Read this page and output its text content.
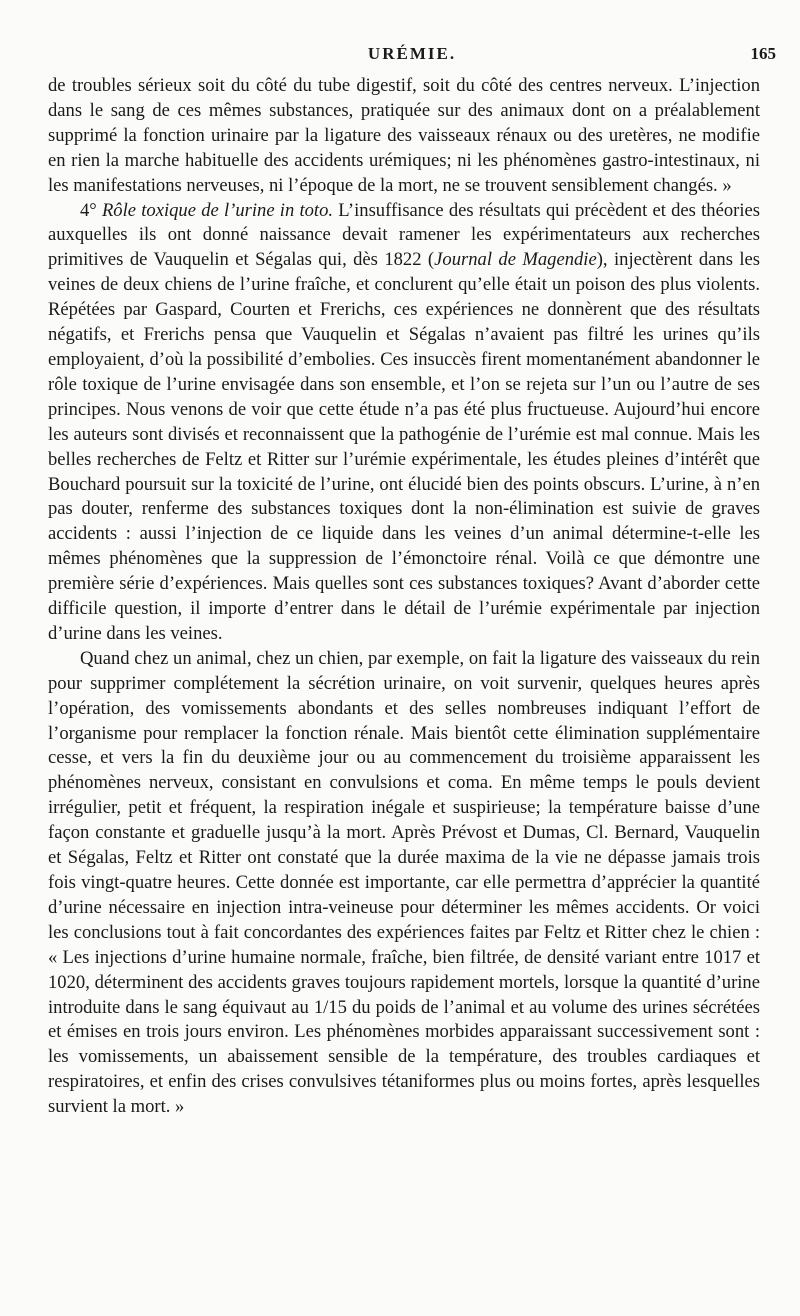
URÉMIE.	165

de troubles sérieux soit du côté du tube digestif, soit du côté des centres nerveux. L’injection dans le sang de ces mêmes substances, pratiquée sur des animaux dont on a préalablement supprimé la fonction urinaire par la ligature des vaisseaux rénaux ou des uretères, ne modifie en rien la marche habituelle des accidents urémiques; ni les phénomènes gastro-intestinaux, ni les manifestations nerveuses, ni l’époque de la mort, ne se trouvent sensiblement changés. »

4° Rôle toxique de l’urine in toto. L’insuffisance des résultats qui précèdent et des théories auxquelles ils ont donné naissance devait ramener les expérimentateurs aux recherches primitives de Vauquelin et Ségalas qui, dès 1822 (Journal de Magendie), injectèrent dans les veines de deux chiens de l’urine fraîche, et conclurent qu’elle était un poison des plus violents. Répétées par Gaspard, Courten et Frerichs, ces expériences ne donnèrent que des résultats négatifs, et Frerichs pensa que Vauquelin et Ségalas n’avaient pas filtré les urines qu’ils employaient, d’où la possibilité d’embolies. Ces insuccès firent momentanément abandonner le rôle toxique de l’urine envisagée dans son ensemble, et l’on se rejeta sur l’un ou l’autre de ses principes. Nous venons de voir que cette étude n’a pas été plus fructueuse. Aujourd’hui encore les auteurs sont divisés et reconnaissent que la pathogénie de l’urémie est mal connue. Mais les belles recherches de Feltz et Ritter sur l’urémie expérimentale, les études pleines d’intérêt que Bouchard poursuit sur la toxicité de l’urine, ont élucidé bien des points obscurs. L’urine, à n’en pas douter, renferme des substances toxiques dont la non-élimination est suivie de graves accidents : aussi l’injection de ce liquide dans les veines d’un animal détermine-t-elle les mêmes phénomènes que la suppression de l’émonctoire rénal. Voilà ce que démontre une première série d’expériences. Mais quelles sont ces substances toxiques? Avant d’aborder cette difficile question, il importe d’entrer dans le détail de l’urémie expérimentale par injection d’urine dans les veines.

Quand chez un animal, chez un chien, par exemple, on fait la ligature des vaisseaux du rein pour supprimer complétement la sécrétion urinaire, on voit survenir, quelques heures après l’opération, des vomissements abondants et des selles nombreuses indiquant l’effort de l’organisme pour remplacer la fonction rénale. Mais bientôt cette élimination supplémentaire cesse, et vers la fin du deuxième jour ou au commencement du troisième apparaissent les phénomènes nerveux, consistant en convulsions et coma. En même temps le pouls devient irrégulier, petit et fréquent, la respiration inégale et suspirieuse; la température baisse d’une façon constante et graduelle jusqu’à la mort. Après Prévost et Dumas, Cl. Bernard, Vauquelin et Ségalas, Feltz et Ritter ont constaté que la durée maxima de la vie ne dépasse jamais trois fois vingt-quatre heures. Cette donnée est importante, car elle permettra d’apprécier la quantité d’urine nécessaire en injection intra-veineuse pour déterminer les mêmes accidents. Or voici les conclusions tout à fait concordantes des expériences faites par Feltz et Ritter chez le chien : « Les injections d’urine humaine normale, fraîche, bien filtrée, de densité variant entre 1017 et 1020, déterminent des accidents graves toujours rapidement mortels, lorsque la quantité d’urine introduite dans le sang équivaut au 1/15 du poids de l’animal et au volume des urines sécrétées et émises en trois jours environ. Les phénomènes morbides apparaissant successivement sont : les vomissements, un abaissement sensible de la température, des troubles cardiaques et respiratoires, et enfin des crises convulsives tétaniformes plus ou moins fortes, après lesquelles survient la mort. »
